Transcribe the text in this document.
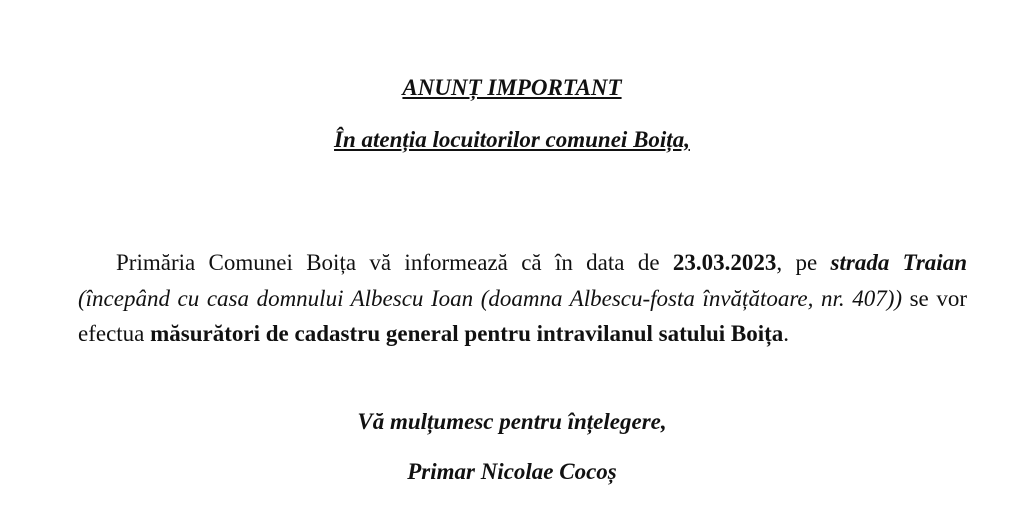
ANUNȚ IMPORTANT
În atenția locuitorilor comunei Boița,

Primăria Comunei Boița vă informează că în data de 23.03.2023, pe strada Traian (începând cu casa domnului Albescu Ioan (doamna Albescu-fosta învățătoare, nr. 407)) se vor efectua măsurători de cadastru general pentru intravilanul satului Boița.

Vă mulțumesc pentru înțelegere,
Primar Nicolae Cocoș
